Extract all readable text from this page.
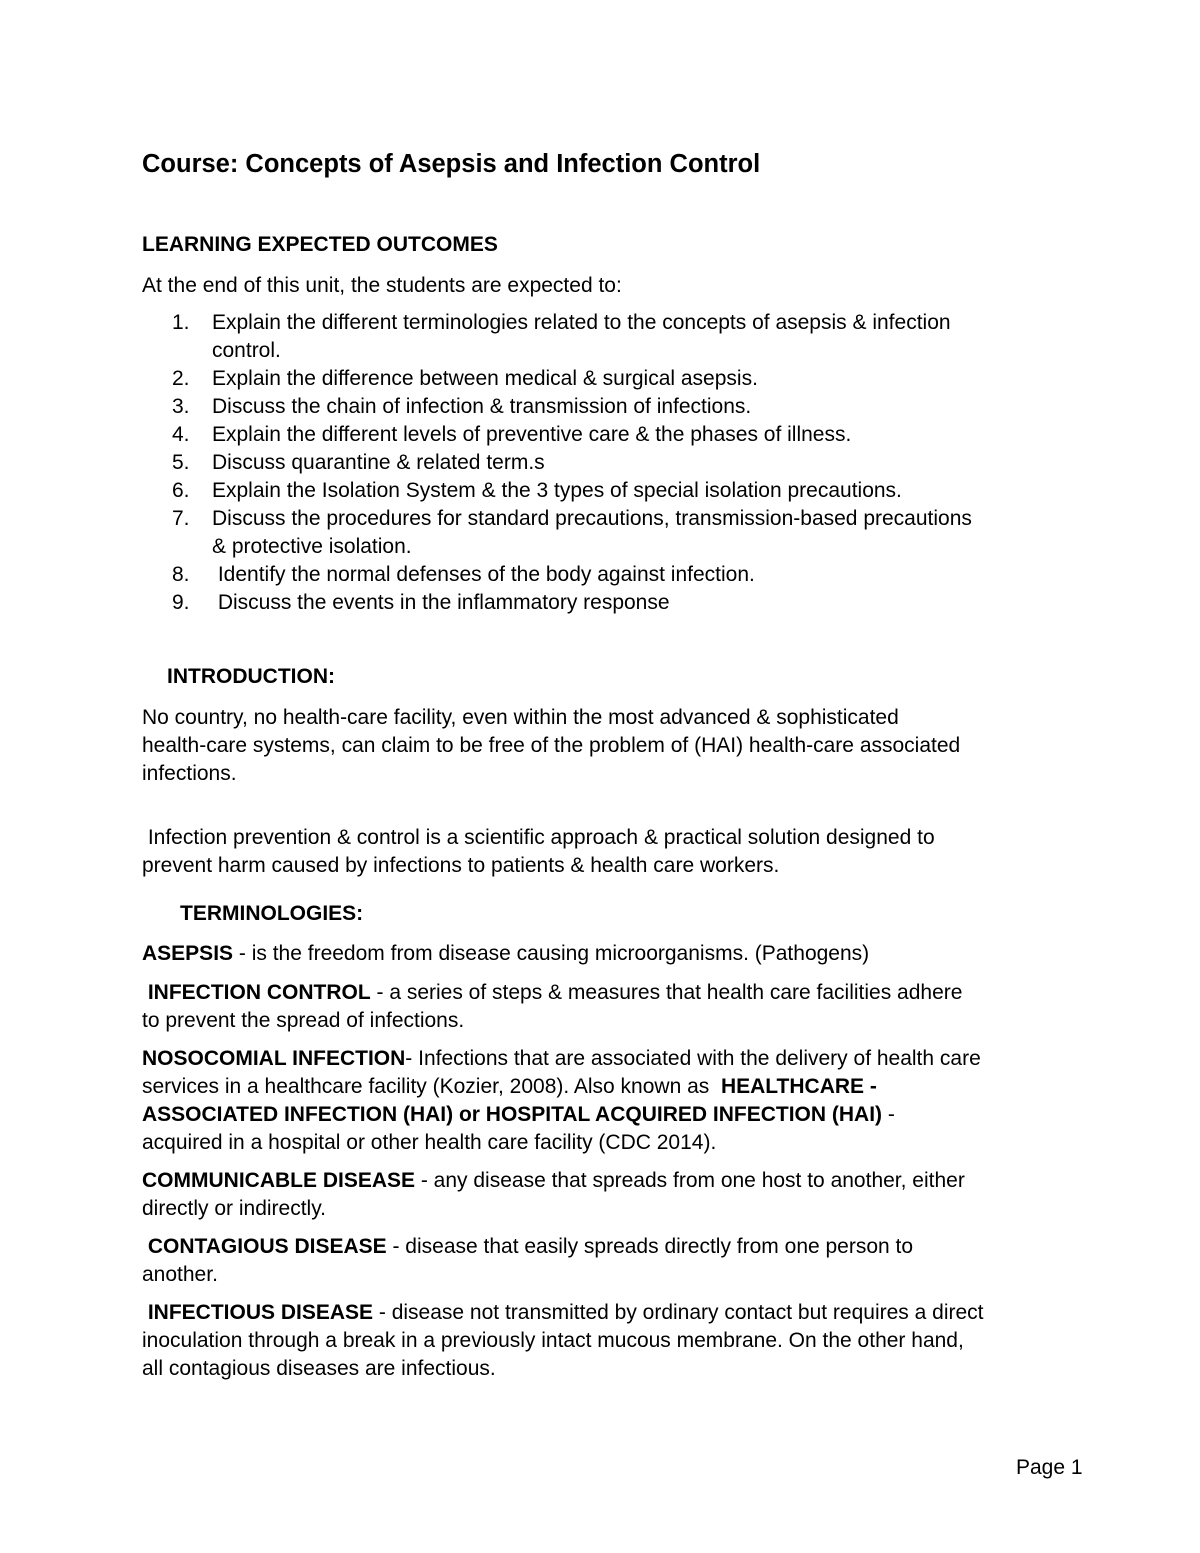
Course: Concepts of Asepsis and Infection Control
LEARNING EXPECTED OUTCOMES
At the end of this unit, the students are expected to:
1. Explain the different terminologies related to the concepts of asepsis & infection
control.
2. Explain the difference between medical & surgical asepsis.
3. Discuss the chain of infection & transmission of infections.
4. Explain the different levels of preventive care & the phases of illness.
5. Discuss quarantine & related term.s
6. Explain the Isolation System & the 3 types of special isolation precautions.
7. Discuss the procedures for standard precautions, transmission-based precautions
& protective isolation.
8. Identify the normal defenses of the body against infection.
9. Discuss the events in the inflammatory response
INTRODUCTION:
No country, no health-care facility, even within the most advanced & sophisticated
health-care systems, can claim to be free of the problem of (HAI) health-care associated
infections.

Infection prevention & control is a scientific approach & practical solution designed to
prevent harm caused by infections to patients & health care workers.
TERMINOLOGIES:
ASEPSIS - is the freedom from disease causing microorganisms. (Pathogens)
INFECTION CONTROL - a series of steps & measures that health care facilities adhere
to prevent the spread of infections.
NOSOCOMIAL INFECTION- Infections that are associated with the delivery of health care
services in a healthcare facility (Kozier, 2008). Also known as  HEALTHCARE -
ASSOCIATED INFECTION (HAI) or HOSPITAL ACQUIRED INFECTION (HAI) -
acquired in a hospital or other health care facility (CDC 2014).
COMMUNICABLE DISEASE - any disease that spreads from one host to another, either
directly or indirectly.
CONTAGIOUS DISEASE - disease that easily spreads directly from one person to
another.
INFECTIOUS DISEASE - disease not transmitted by ordinary contact but requires a direct
inoculation through a break in a previously intact mucous membrane. On the other hand,
all contagious diseases are infectious.
Page 1
